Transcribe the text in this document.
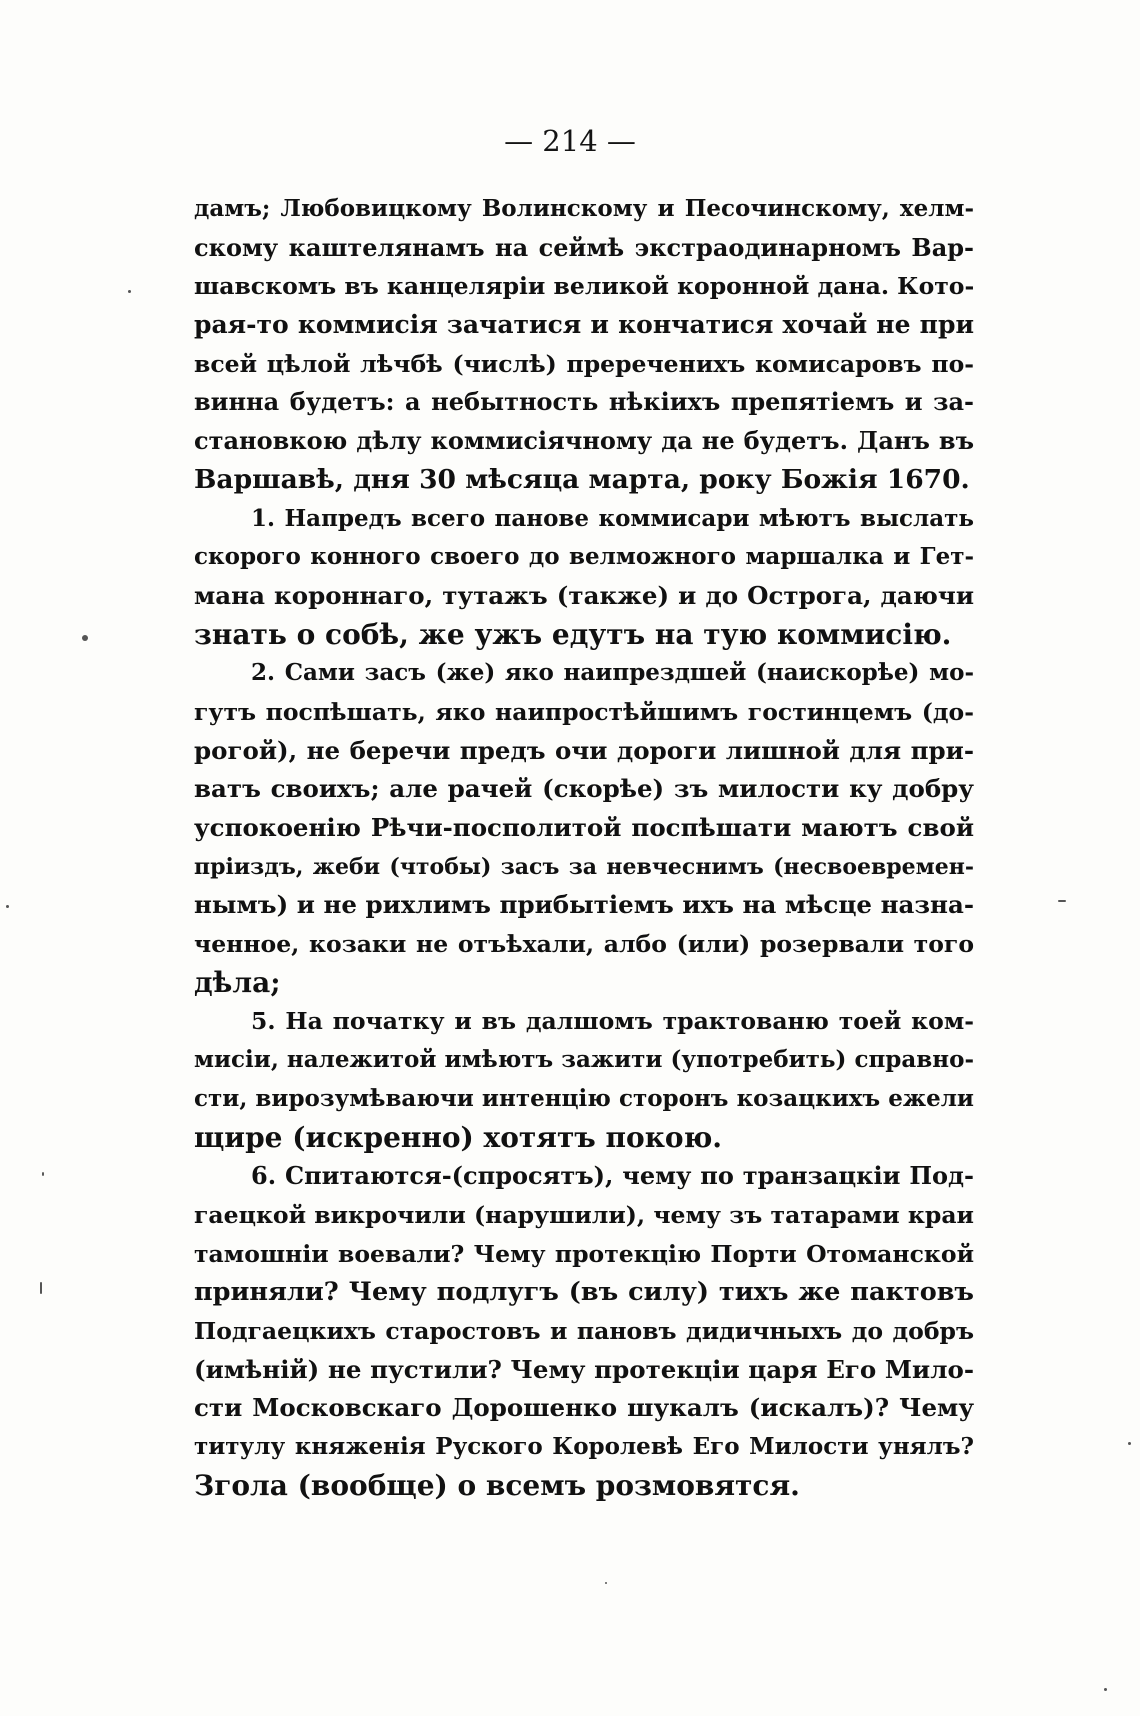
— 214 —
дамъ; Любовицкому Волинскому и Песочинскому, хелм-
скому каштелянамъ на сеймѣ экстраодинарномъ Вар-
шавскомъ въ канцеляріи великой коронной дана. Кото-
рая-то коммисія зачатися и кончатися хочай не при
всей цѣлой лѣчбѣ (числѣ) пререченихъ комисаровъ по-
винна будетъ: а небытность нѣкіихъ препятіемъ и за-
становкою дѣлу коммисіячному да не будетъ. Данъ въ
Варшавѣ, дня 30 мѣсяца марта, року Божія 1670.
1. Напредъ всего панове коммисари мѣютъ выслать
скорого конного своего до велможного маршалка и Гет-
мана короннаго, тутажъ (также) и до Острога, даючи
знать о собѣ, же ужъ едутъ на тую коммисію.
2. Сами засъ (же) яко наипрездшей (наискорѣе) мо-
гутъ поспѣшать, яко наипростѣйшимъ гостинцемъ (до-
рогой), не беречи предъ очи дороги лишной для при-
ватъ своихъ; але рачей (скорѣе) зъ милости ку добру
успокоенію Рѣчи-посполитой поспѣшати маютъ свой
пріиздъ, жеби (чтобы) засъ за невчеснимъ (несвоевремен-
нымъ) и не рихлимъ прибытіемъ ихъ на мѣсце назна-
ченное, козаки не отъѣхали, албо (или) розервали того
дѣла;
5. На початку и въ далшомъ трактованю тоей ком-
мисіи, належитой имѣютъ зажити (употребить) справно-
сти, вирозумѣваючи интенцію сторонъ козацкихъ ежели
щире (искренно) хотятъ покою.
6. Спитаются-(спросятъ), чему по транзацкіи Под-
гаецкой викрочили (нарушили), чему зъ татарами краи
тамошніи воевали? Чему протекцію Порти Отоманской
приняли? Чему подлугъ (въ силу) тихъ же пактовъ
Подгаецкихъ старостовъ и пановъ дидичныхъ до добръ
(имѣній) не пустили? Чему протекціи царя Его Мило-
сти Московскаго Дорошенко шукалъ (искалъ)? Чему
титулу княженія Руского Королевѣ Его Милости унялъ?
Згола (вообще) о всемъ розмовятся.
